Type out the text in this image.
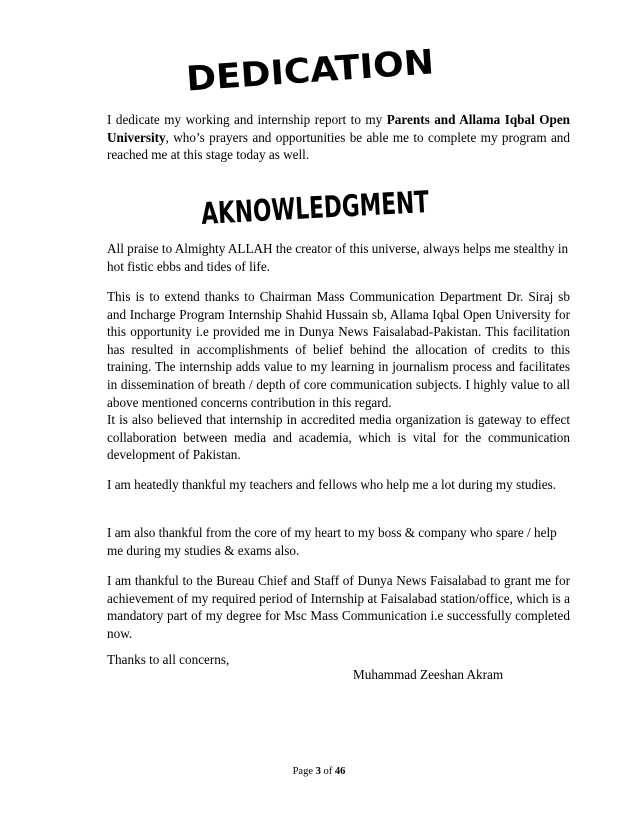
DEDICATION

I dedicate my working and internship report to my Parents and Allama Iqbal Open University, who’s prayers and opportunities be able me to complete my program and reached me at this stage today as well.

AKNOWLEDGMENT

All praise to Almighty ALLAH the creator of this universe, always helps me stealthy in hot fistic ebbs and tides of life.

This is to extend thanks to Chairman Mass Communication Department Dr. Siraj sb and Incharge Program Internship Shahid Hussain sb, Allama Iqbal Open University for this opportunity i.e provided me in Dunya News Faisalabad-Pakistan. This facilitation has resulted in accomplishments of belief behind the allocation of credits to this training. The internship adds value to my learning in journalism process and facilitates in dissemination of breath / depth of core communication subjects. I highly value to all above mentioned concerns contribution in this regard.

It is also believed that internship in accredited media organization is gateway to effect collaboration between media and academia, which is vital for the communication development of Pakistan.

I am heatedly thankful my teachers and fellows who help me a lot during my studies.

I am also thankful from the core of my heart to my boss & company who spare / help me during my studies & exams also.

I am thankful to the Bureau Chief and Staff of Dunya News Faisalabad to grant me for achievement of my required period of Internship at Faisalabad station/office, which is a mandatory part of my degree for Msc Mass Communication i.e successfully completed now.

Thanks to all concerns,

Muhammad Zeeshan Akram
Page 3 of 46
